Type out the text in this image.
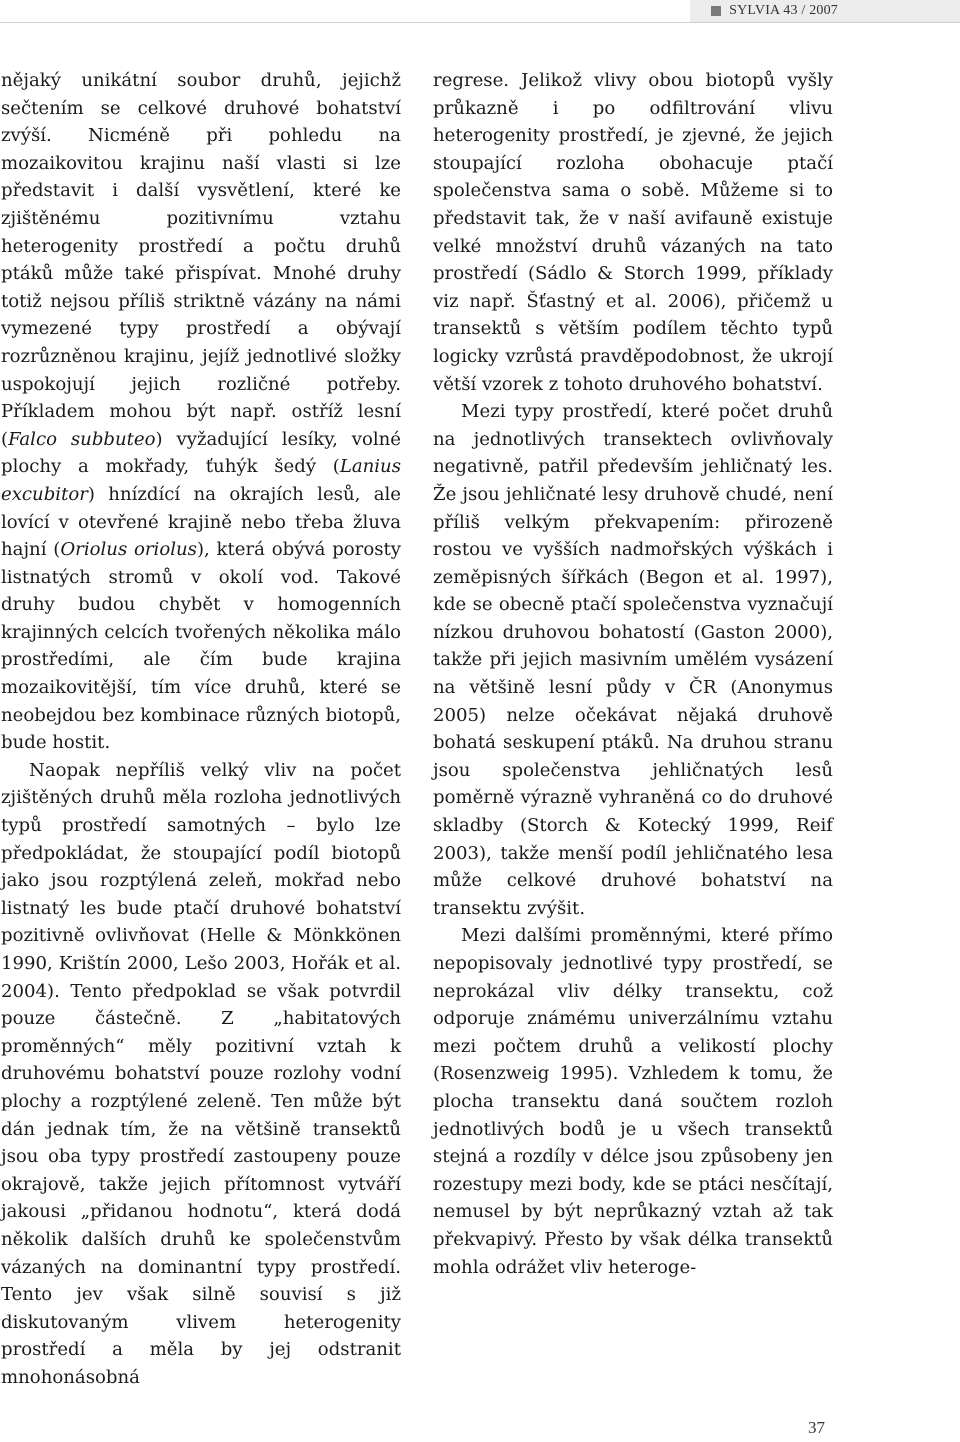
SYLVIA 43 / 2007

nějaký unikátní soubor druhů, jejichž sečtením se celkové druhové bohatství zvýší. Nicméně při pohledu na mozaikovitou krajinu naší vlasti si lze představit i další vysvětlení, které ke zjištěnému pozitivnímu vztahu heterogenity prostředí a počtu druhů ptáků může také přispívat. Mnohé druhy totiž nejsou příliš striktně vázány na námi vymezené typy prostředí a obývají rozrůzněnou krajinu, jejíž jednotlivé složky uspokojují jejich rozličné potřeby. Příkladem mohou být např. ostříž lesní (Falco subbuteo) vyžadující lesíky, volné plochy a mokřady, ťuhýk šedý (Lanius excubitor) hnízdící na okrajích lesů, ale lovící v otevřené krajině nebo třeba žluva hajní (Oriolus oriolus), která obývá porosty listnatých stromů v okolí vod. Takové druhy budou chybět v homogenních krajinných celcích tvořených několika málo prostředími, ale čím bude krajina mozaikovitější, tím více druhů, které se neobejdou bez kombinace různých biotopů, bude hostit.

Naopak nepříliš velký vliv na počet zjištěných druhů měla rozloha jednotlivých typů prostředí samotných – bylo lze předpokládat, že stoupající podíl biotopů jako jsou rozptýlená zeleň, mokřad nebo listnatý les bude ptačí druhové bohatství pozitivně ovlivňovat (Helle & Mönkkönen 1990, Krištín 2000, Lešo 2003, Hořák et al. 2004). Tento předpoklad se však potvrdil pouze částečně. Z „habitatových proměnných“ měly pozitivní vztah k druhovému bohatství pouze rozlohy vodní plochy a rozptýlené zeleně. Ten může být dán jednak tím, že na většině transektů jsou oba typy prostředí zastoupeny pouze okrajově, takže jejich přítomnost vytváří jakousi „přidanou hodnotu“, která dodá několik dalších druhů ke společenstvům vázaných na dominantní typy prostředí. Tento jev však silně souvisí s již diskutovaným vlivem heterogenity prostředí a měla by jej odstranit mnohonásobná

regrese. Jelikož vlivy obou biotopů vyšly průkazně i po odfiltrování vlivu heterogenity prostředí, je zjevné, že jejich stoupající rozloha obohacuje ptačí společenstva sama o sobě. Můžeme si to představit tak, že v naší avifauně existuje velké množství druhů vázaných na tato prostředí (Sádlo & Storch 1999, příklady viz např. Šťastný et al. 2006), přičemž u transektů s větším podílem těchto typů logicky vzrůstá pravděpodobnost, že ukrojí větší vzorek z tohoto druhového bohatství.

Mezi typy prostředí, které počet druhů na jednotlivých transektech ovlivňovaly negativně, patřil především jehličnatý les. Že jsou jehličnaté lesy druhově chudé, není příliš velkým překvapením: přirozeně rostou ve vyšších nadmořských výškách i zeměpisných šířkách (Begon et al. 1997), kde se obecně ptačí společenstva vyznačují nízkou druhovou bohatostí (Gaston 2000), takže při jejich masivním umělém vysázení na většině lesní půdy v ČR (Anonymus 2005) nelze očekávat nějaká druhově bohatá seskupení ptáků. Na druhou stranu jsou společenstva jehličnatých lesů poměrně výrazně vyhraněná co do druhové skladby (Storch & Kotecký 1999, Reif 2003), takže menší podíl jehličnatého lesa může celkové druhové bohatství na transektu zvýšit.

Mezi dalšími proměnnými, které přímo nepopisovaly jednotlivé typy prostředí, se neprokázal vliv délky transektu, což odporuje známému univerzálnímu vztahu mezi počtem druhů a velikostí plochy (Rosenzweig 1995). Vzhledem k tomu, že plocha transektu daná součtem rozloh jednotlivých bodů je u všech transektů stejná a rozdíly v délce jsou způsobeny jen rozestupy mezi body, kde se ptáci nesčítají, nemusel by být neprůkazný vztah až tak překvapivý. Přesto by však délka transektů mohla odrážet vliv heteroge-

37
